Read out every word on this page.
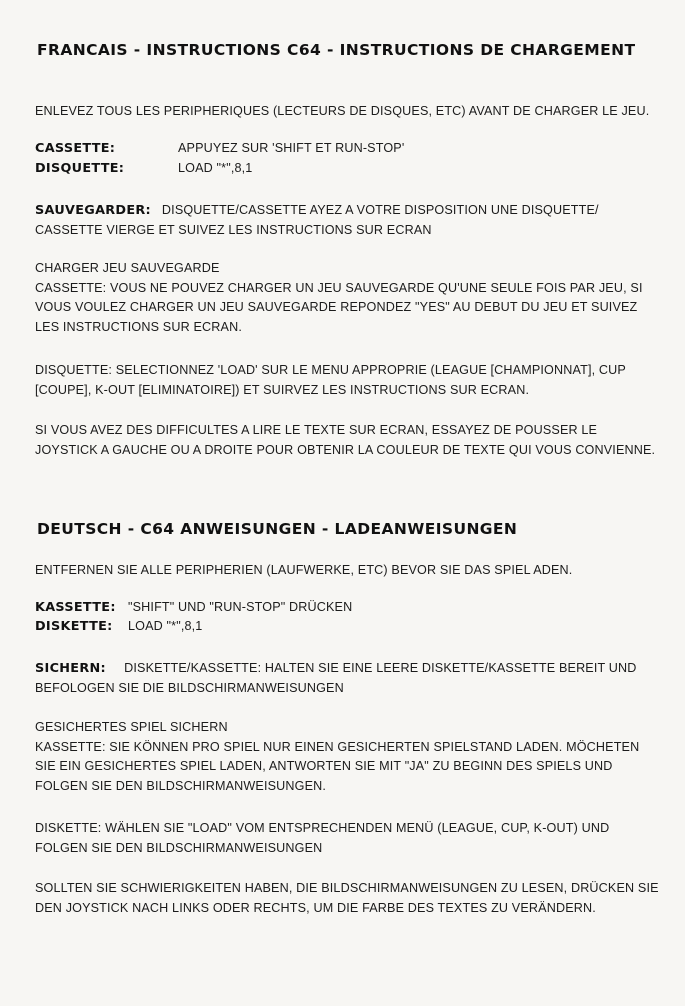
FRANCAIS - INSTRUCTIONS C64 - INSTRUCTIONS DE CHARGEMENT

ENLEVEZ TOUS LES PERIPHERIQUES (LECTEURS DE DISQUES, ETC) AVANT DE CHARGER LE JEU.

CASSETTE:	APPUYEZ SUR 'SHIFT ET RUN-STOP'
DISQUETTE:	LOAD "*",8,1

SAUVEGARDER: DISQUETTE/CASSETTE AYEZ A VOTRE DISPOSITION UNE DISQUETTE/ CASSETTE VIERGE ET SUIVEZ LES INSTRUCTIONS SUR ECRAN

CHARGER JEU SAUVEGARDE
CASSETTE: VOUS NE POUVEZ CHARGER UN JEU SAUVEGARDE QU'UNE SEULE FOIS PAR JEU, SI VOUS VOULEZ CHARGER UN JEU SAUVEGARDE REPONDEZ "YES" AU DEBUT DU JEU ET SUIVEZ LES INSTRUCTIONS SUR ECRAN.

DISQUETTE: SELECTIONNEZ 'LOAD' SUR LE MENU APPROPRIE (LEAGUE [CHAMPIONNAT], CUP [COUPE], K-OUT [ELIMINATOIRE]) ET SUIRVEZ LES INSTRUCTIONS SUR ECRAN.

SI VOUS AVEZ DES DIFFICULTES A LIRE LE TEXTE SUR ECRAN, ESSAYEZ DE POUSSER LE JOYSTICK A GAUCHE OU A DROITE POUR OBTENIR LA COULEUR DE TEXTE QUI VOUS CONVIENNE.

DEUTSCH - C64 ANWEISUNGEN - LADEANWEISUNGEN

ENTFERNEN SIE ALLE PERIPHERIEN (LAUFWERKE, ETC) BEVOR SIE DAS SPIEL ADEN.

KASSETTE: "SHIFT" UND "RUN-STOP" DRÜCKEN
DISKETTE: LOAD "*",8,1

SICHERN: DISKETTE/KASSETTE: HALTEN SIE EINE LEERE DISKETTE/KASSETTE BEREIT UND BEFOLOGEN SIE DIE BILDSCHIRMANWEISUNGEN

GESICHERTES SPIEL SICHERN
KASSETTE: SIE KÖNNEN PRO SPIEL NUR EINEN GESICHERTEN SPIELSTAND LADEN. MÖCHETEN SIE EIN GESICHERTES SPIEL LADEN, ANTWORTEN SIE MIT "JA" ZU BEGINN DES SPIELS UND FOLGEN SIE DEN BILDSCHIRMANWEISUNGEN.

DISKETTE: WÄHLEN SIE "LOAD" VOM ENTSPRECHENDEN MENÜ (LEAGUE, CUP, K-OUT) UND FOLGEN SIE DEN BILDSCHIRMANWEISUNGEN

SOLLTEN SIE SCHWIERIGKEITEN HABEN, DIE BILDSCHIRMANWEISUNGEN ZU LESEN, DRÜCKEN SIE DEN JOYSTICK NACH LINKS ODER RECHTS, UM DIE FARBE DES TEXTES ZU VERÄNDERN.
